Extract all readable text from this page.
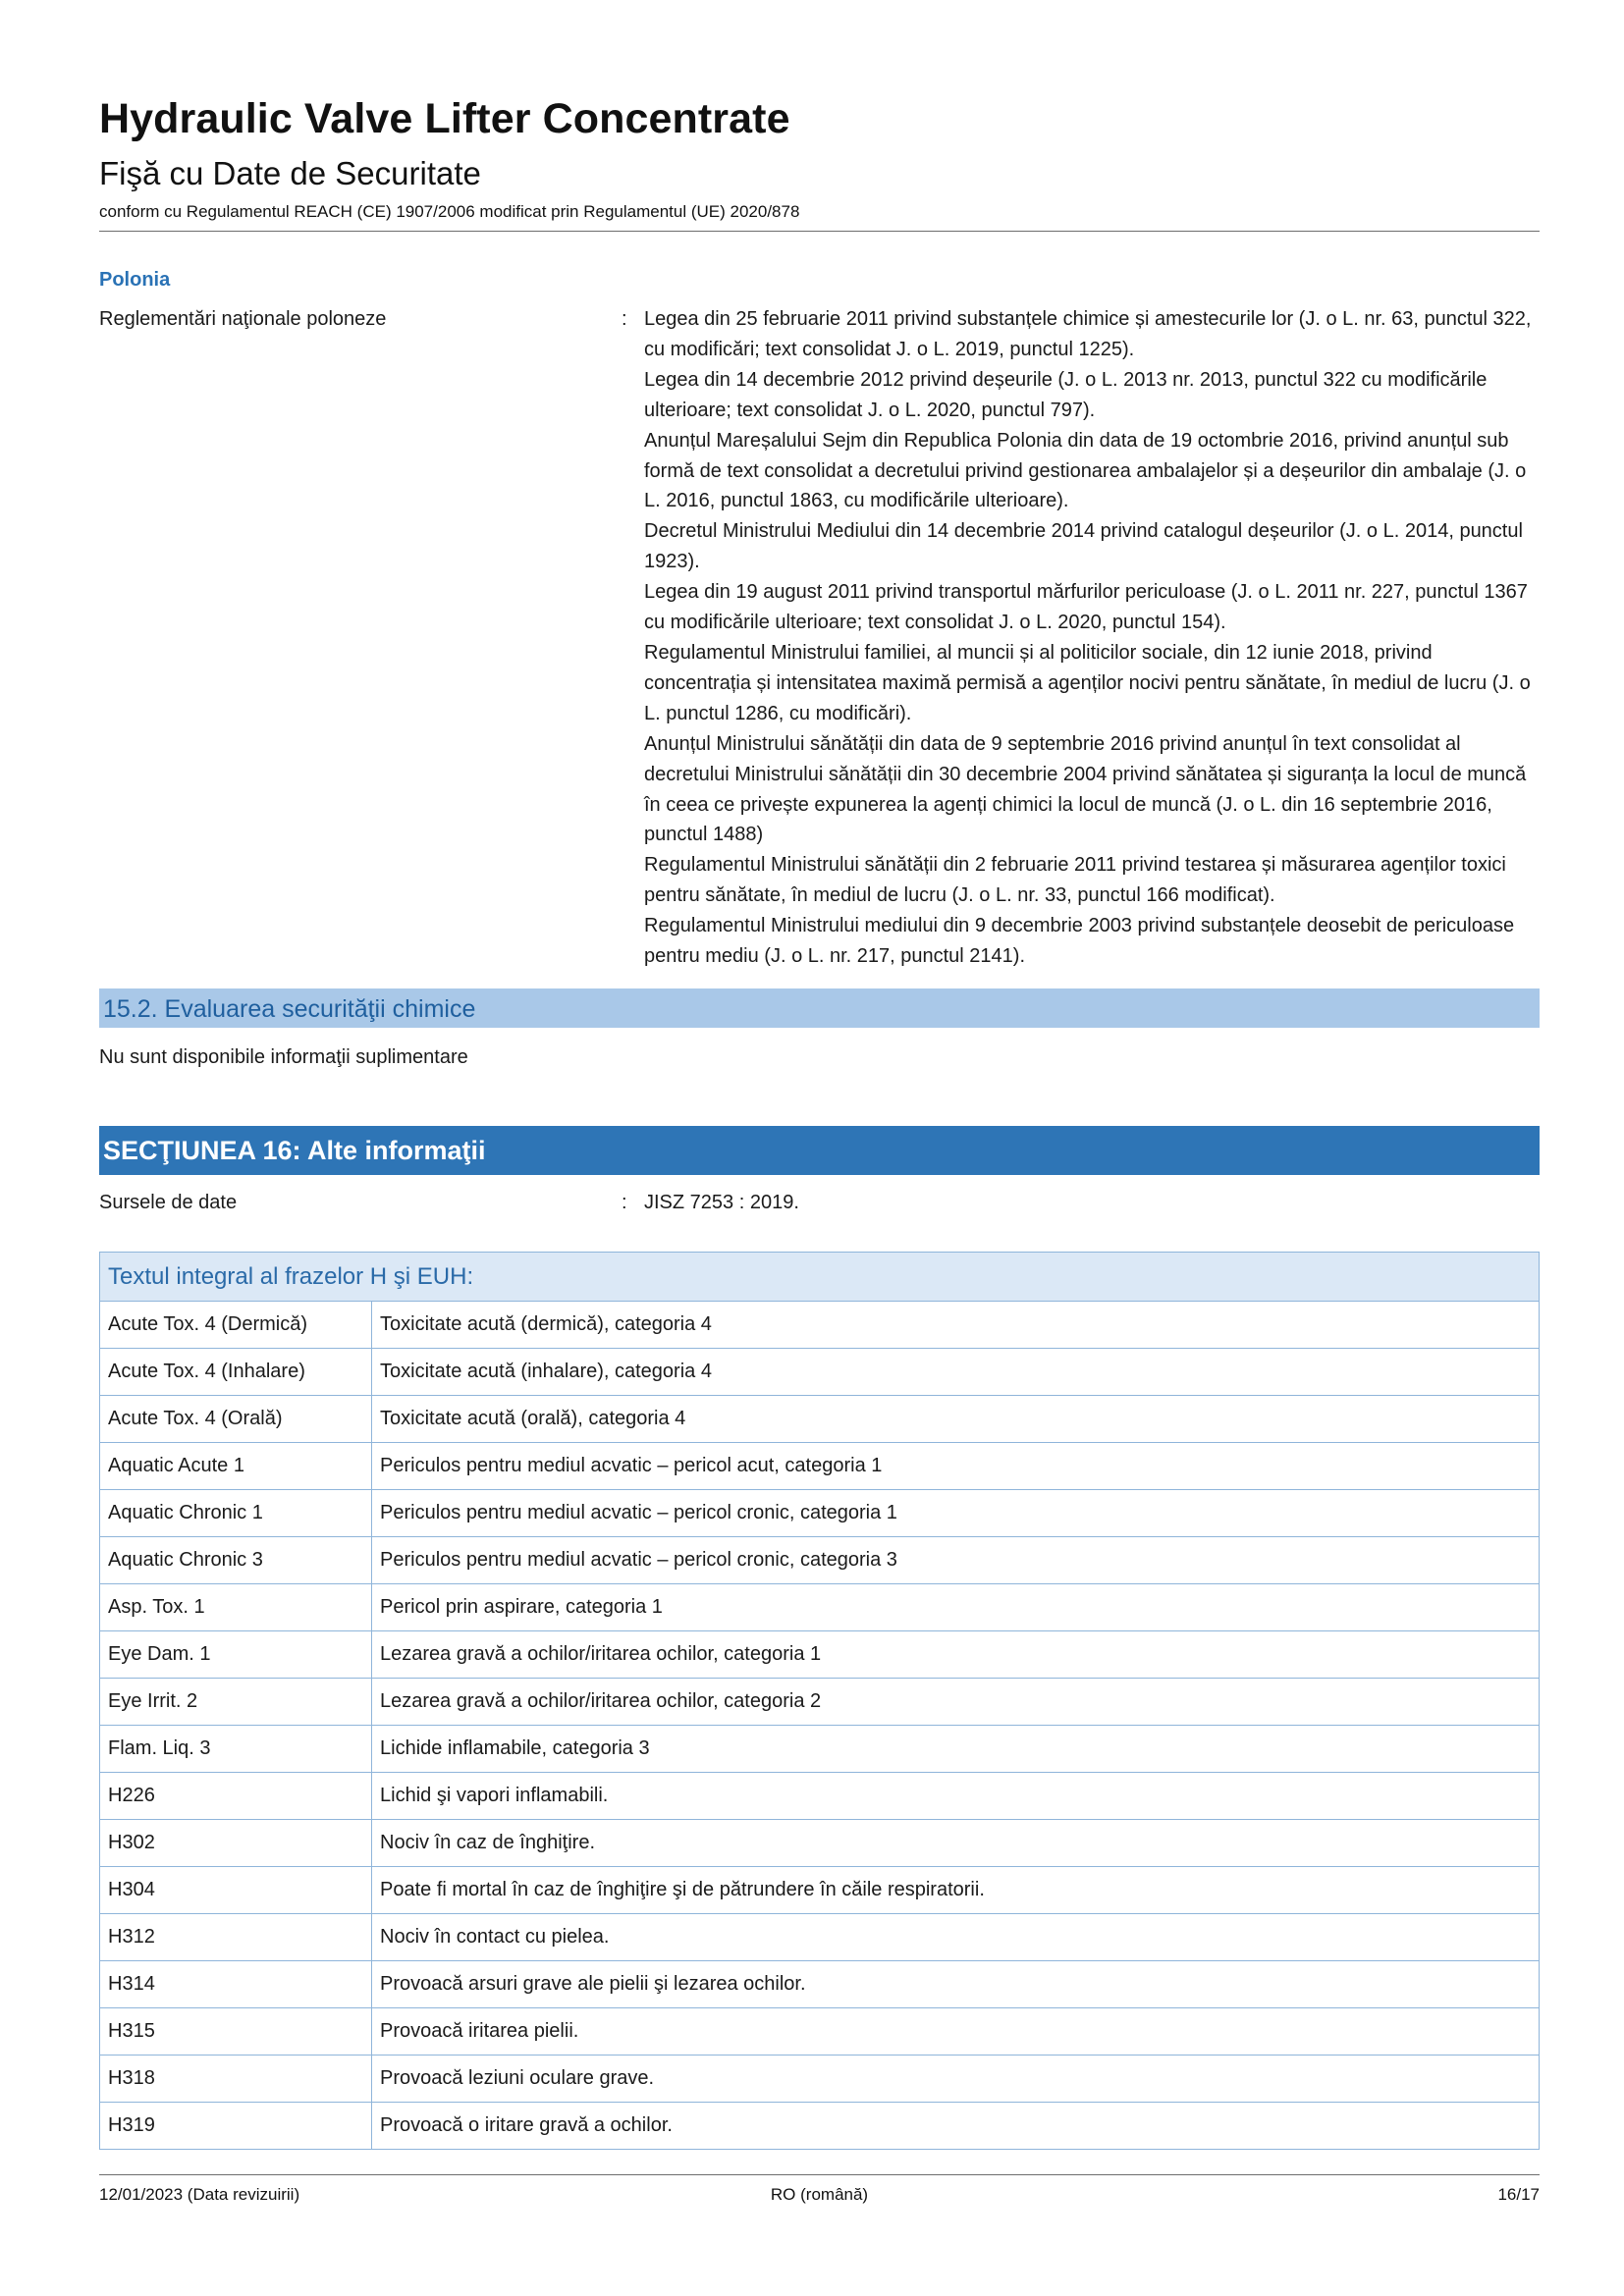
Hydraulic Valve Lifter Concentrate
Fişă cu Date de Securitate
conform cu Regulamentul REACH (CE) 1907/2006 modificat prin Regulamentul (UE) 2020/878
Polonia
Reglementări naţionale poloneze	: Legea din 25 februarie 2011 privind substanțele chimice și amestecurile lor (J. o L. nr. 63, punctul 322, cu modificări; text consolidat J. o L. 2019, punctul 1225).

Legea din 14 decembrie 2012 privind deșeurile (J. o L. 2013 nr. 2013, punctul 322 cu modificările ulterioare; text consolidat J. o L. 2020, punctul 797).

Anunțul Mareșalului Sejm din Republica Polonia din data de 19 octombrie 2016, privind anunțul sub formă de text consolidat a decretului privind gestionarea ambalajelor și a deșeurilor din ambalaje (J. o L. 2016, punctul 1863, cu modificările ulterioare).

Decretul Ministrului Mediului din 14 decembrie 2014 privind catalogul deșeurilor (J. o L. 2014, punctul 1923).

Legea din 19 august 2011 privind transportul mărfurilor periculoase (J. o L. 2011 nr. 227, punctul 1367 cu modificările ulterioare; text consolidat J. o L. 2020, punctul 154).

Regulamentul Ministrului familiei, al muncii și al politicilor sociale, din 12 iunie 2018, privind concentrația și intensitatea maximă permisă a agenților nocivi pentru sănătate, în mediul de lucru (J. o L. punctul 1286, cu modificări).

Anunțul Ministrului sănătății din data de 9 septembrie 2016 privind anunțul în text consolidat al decretului Ministrului sănătății din 30 decembrie 2004 privind sănătatea și siguranța la locul de muncă în ceea ce privește expunerea la agenți chimici la locul de muncă (J. o L. din 16 septembrie 2016, punctul 1488)

Regulamentul Ministrului sănătății din 2 februarie 2011 privind testarea și măsurarea agenților toxici pentru sănătate, în mediul de lucru (J. o L. nr. 33, punctul 166 modificat).

Regulamentul Ministrului mediului din 9 decembrie 2003 privind substanțele deosebit de periculoase pentru mediu (J. o L. nr. 217, punctul 2141).

15.2. Evaluarea securităţii chimice
Nu sunt disponibile informaţii suplimentare
SECŢIUNEA 16: Alte informaţii
Sursele de date	: JISZ 7253 : 2019.
Textul integral al frazelor H şi EUH:	
Acute Tox. 4 (Dermică)	Toxicitate acută (dermică), categoria 4
Acute Tox. 4 (Inhalare)	Toxicitate acută (inhalare), categoria 4
Acute Tox. 4 (Orală)	Toxicitate acută (orală), categoria 4
Aquatic Acute 1	Periculos pentru mediul acvatic – pericol acut, categoria 1
Aquatic Chronic 1	Periculos pentru mediul acvatic – pericol cronic, categoria 1
Aquatic Chronic 3	Periculos pentru mediul acvatic – pericol cronic, categoria 3
Asp. Tox. 1	Pericol prin aspirare, categoria 1
Eye Dam. 1	Lezarea gravă a ochilor/iritarea ochilor, categoria 1
Eye Irrit. 2	Lezarea gravă a ochilor/iritarea ochilor, categoria 2
Flam. Liq. 3	Lichide inflamabile, categoria 3
H226	Lichid şi vapori inflamabili.
H302	Nociv în caz de înghiţire.
H304	Poate fi mortal în caz de înghiţire şi de pătrundere în căile respiratorii.
H312	Nociv în contact cu pielea.
H314	Provoacă arsuri grave ale pielii şi lezarea ochilor.
H315	Provoacă iritarea pielii.
H318	Provoacă leziuni oculare grave.
H319	Provoacă o iritare gravă a ochilor.
12/01/2023 (Data revizuirii)	RO (română)	16/17
